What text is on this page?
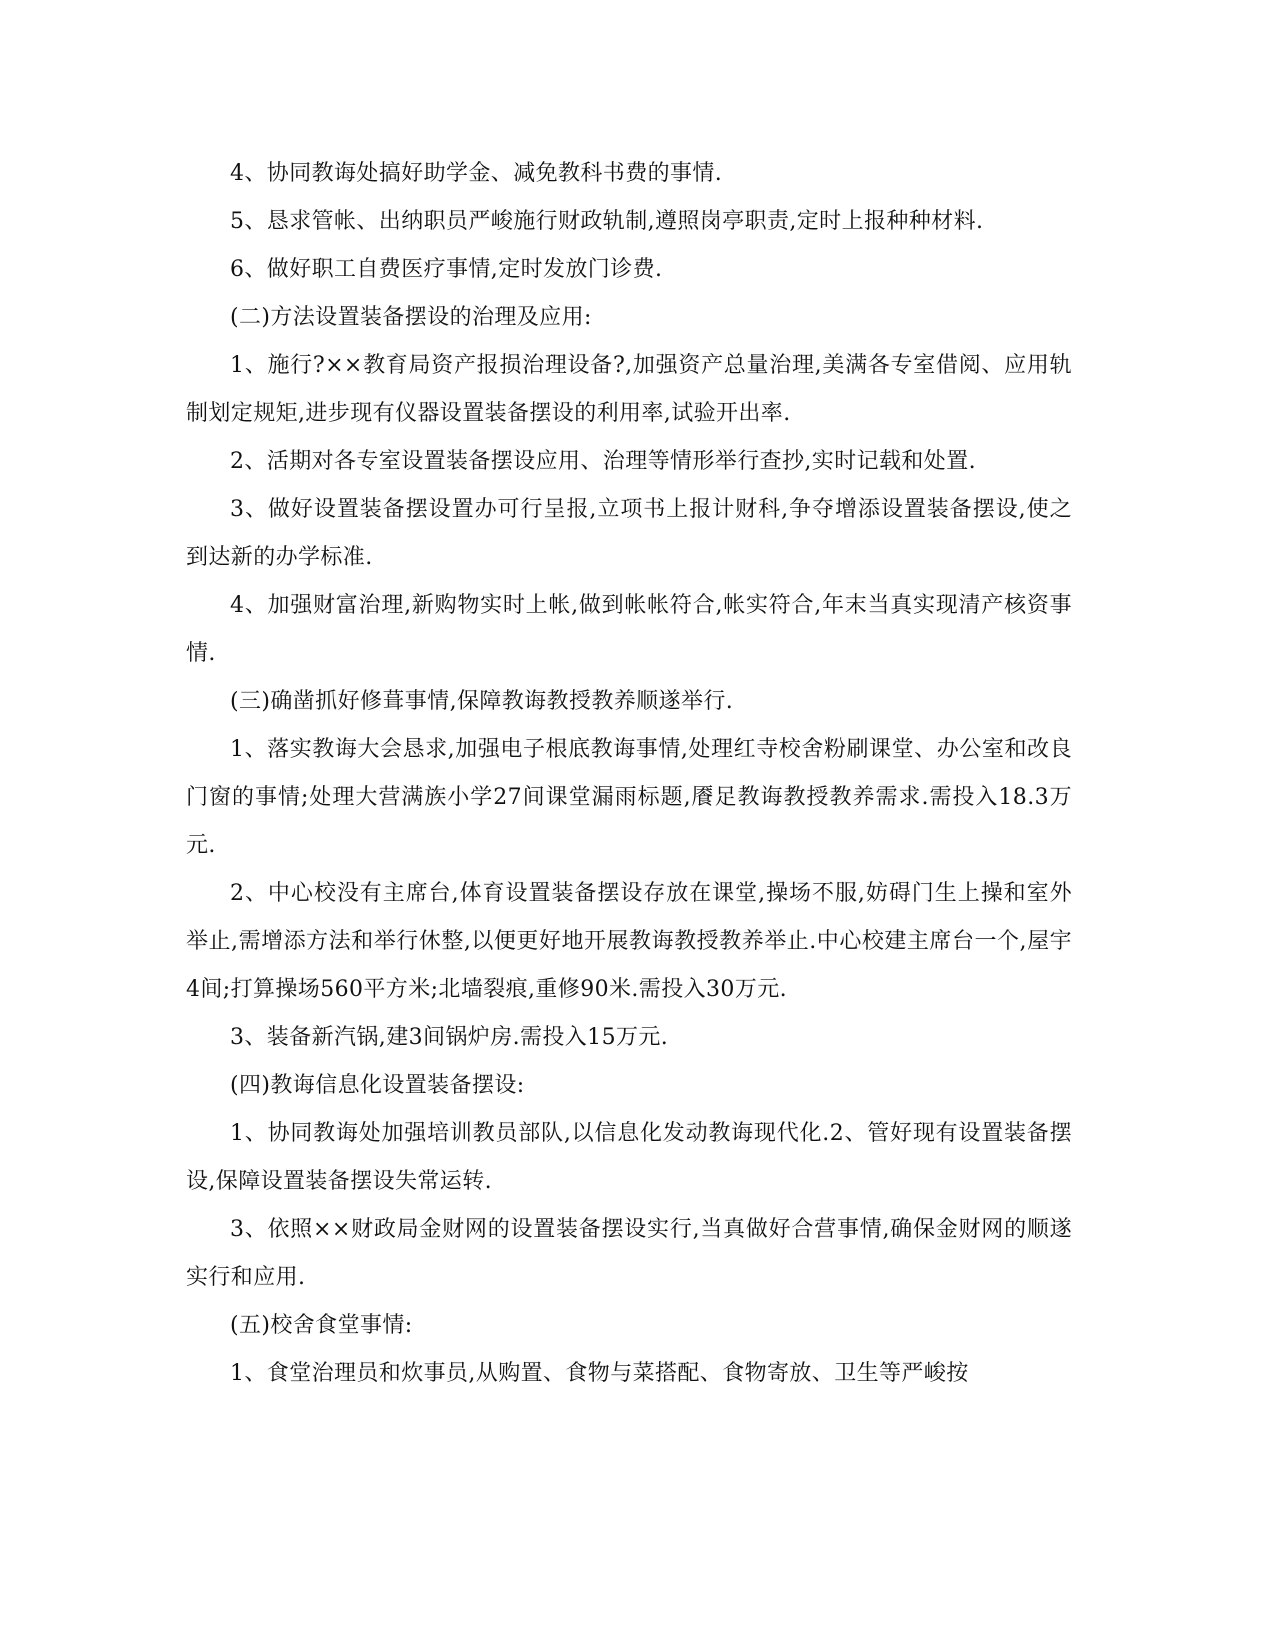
4、协同教诲处搞好助学金、减免教科书费的事情.

5、恳求管帐、出纳职员严峻施行财政轨制,遵照岗亭职责,定时上报种种材料.

6、做好职工自费医疗事情,定时发放门诊费.

(二)方法设置装备摆设的治理及应用:

1、施行?××教育局资产报损治理设备?,加强资产总量治理,美满各专室借阅、应用轨制划定规矩,进步现有仪器设置装备摆设的利用率,试验开出率.

2、活期对各专室设置装备摆设应用、治理等情形举行查抄,实时记载和处置.

3、做好设置装备摆设置办可行呈报,立项书上报计财科,争夺增添设置装备摆设,使之到达新的办学标准.

4、加强财富治理,新购物实时上帐,做到帐帐符合,帐实符合,年末当真实现清产核资事情.

(三)确凿抓好修葺事情,保障教诲教授教养顺遂举行.

1、落实教诲大会恳求,加强电子根底教诲事情,处理红寺校舍粉刷课堂、办公室和改良门窗的事情;处理大营满族小学27间课堂漏雨标题,餍足教诲教授教养需求.需投入18.3万元.

2、中心校没有主席台,体育设置装备摆设存放在课堂,操场不服,妨碍门生上操和室外举止,需增添方法和举行休整,以便更好地开展教诲教授教养举止.中心校建主席台一个,屋宇4间;打算操场560平方米;北墙裂痕,重修90米.需投入30万元.

3、装备新汽锅,建3间锅炉房.需投入15万元.

(四)教诲信息化设置装备摆设:

1、协同教诲处加强培训教员部队,以信息化发动教诲现代化.2、管好现有设置装备摆设,保障设置装备摆设失常运转.

3、依照××财政局金财网的设置装备摆设实行,当真做好合营事情,确保金财网的顺遂实行和应用.

(五)校舍食堂事情:

1、食堂治理员和炊事员,从购置、食物与菜搭配、食物寄放、卫生等严峻按
